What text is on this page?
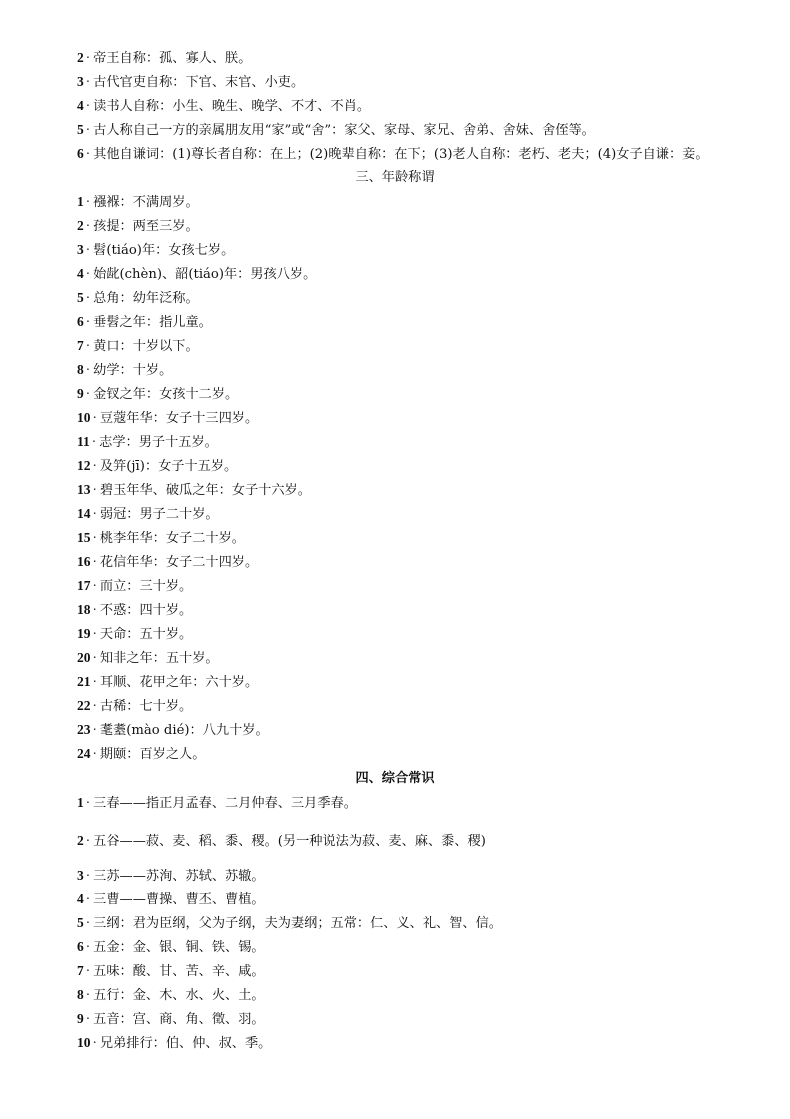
2 · 帝王自称：孤、寡人、朕。
3 · 古代官吏自称：下官、末官、小吏。
4 · 读书人自称：小生、晚生、晚学、不才、不肖。
5 · 古人称自己一方的亲属朋友用“家”或“舍”：家父、家母、家兄、舍弟、舍妹、舍侄等。
6 · 其他自谦词：(1)尊长者自称：在上；(2)晚辈自称：在下；(3)老人自称：老朽、老夫；(4)女子自谦：妾。
三、年龄称谓
1 · 襁褓：不满周岁。
2 · 孩提：两至三岁。
3 · 髫(tiáo)年：女孩七岁。
4 · 始龀(chèn)、韶(tiáo)年：男孩八岁。
5 · 总角：幼年泛称。
6 · 垂髫之年：指儿童。
7 · 黄口：十岁以下。
8 · 幼学：十岁。
9 · 金钗之年：女孩十二岁。
10 · 豆蔻年华：女子十三四岁。
11 · 志学：男子十五岁。
12 · 及笄(jī)：女子十五岁。
13 · 碧玉年华、破瓜之年：女子十六岁。
14 · 弱冠：男子二十岁。
15 · 桃李年华：女子二十岁。
16 · 花信年华：女子二十四岁。
17 · 而立：三十岁。
18 · 不惑：四十岁。
19 · 天命：五十岁。
20 · 知非之年：五十岁。
21 · 耳顺、花甲之年：六十岁。
22 · 古稀：七十岁。
23 · 耄耋(mào dié)：八九十岁。
24 · 期颐：百岁之人。
四、综合常识
1 · 三春——指正月孟春、二月仲春、三月季春。
2 · 五谷——菽、麦、稻、黍、稷。(另一种说法为菽、麦、麻、黍、稷)
3 · 三苏——苏洵、苏轼、苏辙。
4 · 三曹——曹操、曹丕、曹植。
5 · 三纲：君为臣纲，父为子纲，夫为妻纲；五常：仁、义、礼、智、信。
6 · 五金：金、银、铜、铁、锡。
7 · 五味：酸、甘、苦、辛、咸。
8 · 五行：金、木、水、火、土。
9 · 五音：宫、商、角、徵、羽。
10 · 兄弟排行：伯、仲、叔、季。
